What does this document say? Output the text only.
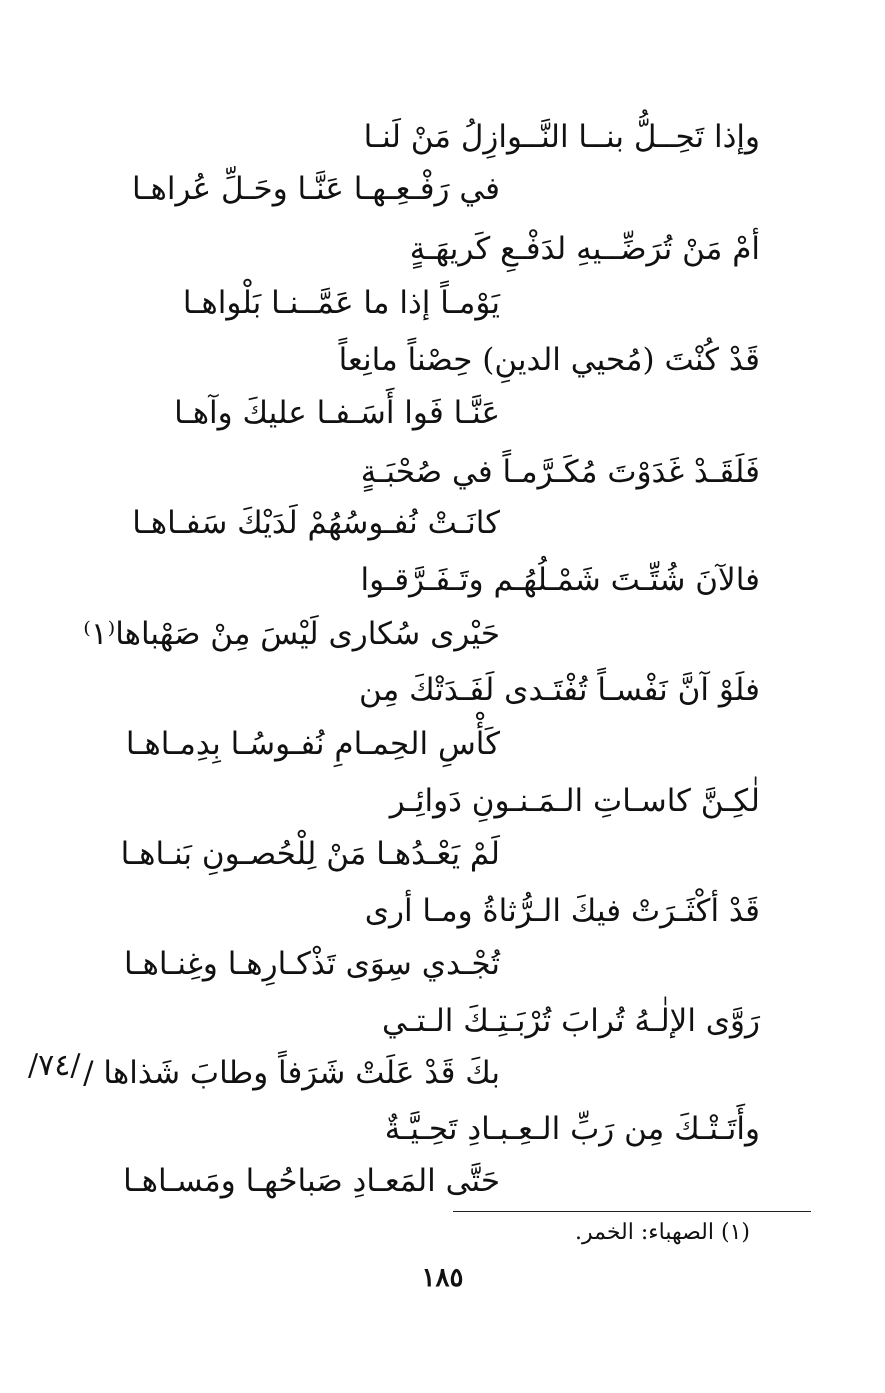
وإذا تَحِــلُّ بنــا النَّــوازِلُ مَنْ لَنـا

في رَفْـعِـهـا عَنَّـا وحَـلِّ عُراهـا

أمْ مَنْ تُرَضِّــيهِ لدَفْـعِ كَريهَـةٍ

يَوْمـاً إذا ما عَمَّــنـا بَلْواهـا

قَدْ كُنْتَ (مُحيي الدينِ) حِصْناً مانِعاً

عَنَّـا فَوا أَسَـفـا عليكَ وآهـا

فَلَقَـدْ غَدَوْتَ مُكَـرَّمـاً في صُحْبَـةٍ

كانَـتْ نُفـوسُهُمْ لَدَيْكَ سَفـاهـا

فالآنَ شُتِّـتَ شَمْـلُهُـم وتَـفَـرَّقـوا

حَيْرى سُكارى لَيْسَ مِنْ صَهْباها⁽١⁾

فلَوْ آنَّ نَفْسـاً تُفْتَـدى لَفَـدَتْكَ مِن

كَأْسِ الحِمـامِ نُفـوسُـا بِدِمـاهـا

لٰكِـنَّ كاسـاتِ الـمَـنـونِ دَوائِـر

لَمْ يَعْـدُهـا مَنْ لِلْحُصـونِ بَنـاهـا

قَدْ أكْثَـرَتْ فيكَ الـرُّثاةُ ومـا أرى

تُجْـدي سِوَى تَذْكـارِهـا وغِنـاهـا

رَوَّى الإلٰـهُ تُرابَ تُرْبَـتِـكَ الـتـي

بكَ قَدْ عَلَتْ شَرَفاً وطابَ شَذاها /

وأَتَـتْـكَ مِن رَبِّ الـعِـبـادِ تَحِـيَّـةٌ

حَتَّى المَعـادِ صَباحُهـا ومَسـاهـا

/٧٤/
(١) الصهباء: الخمر.
١٨٥
